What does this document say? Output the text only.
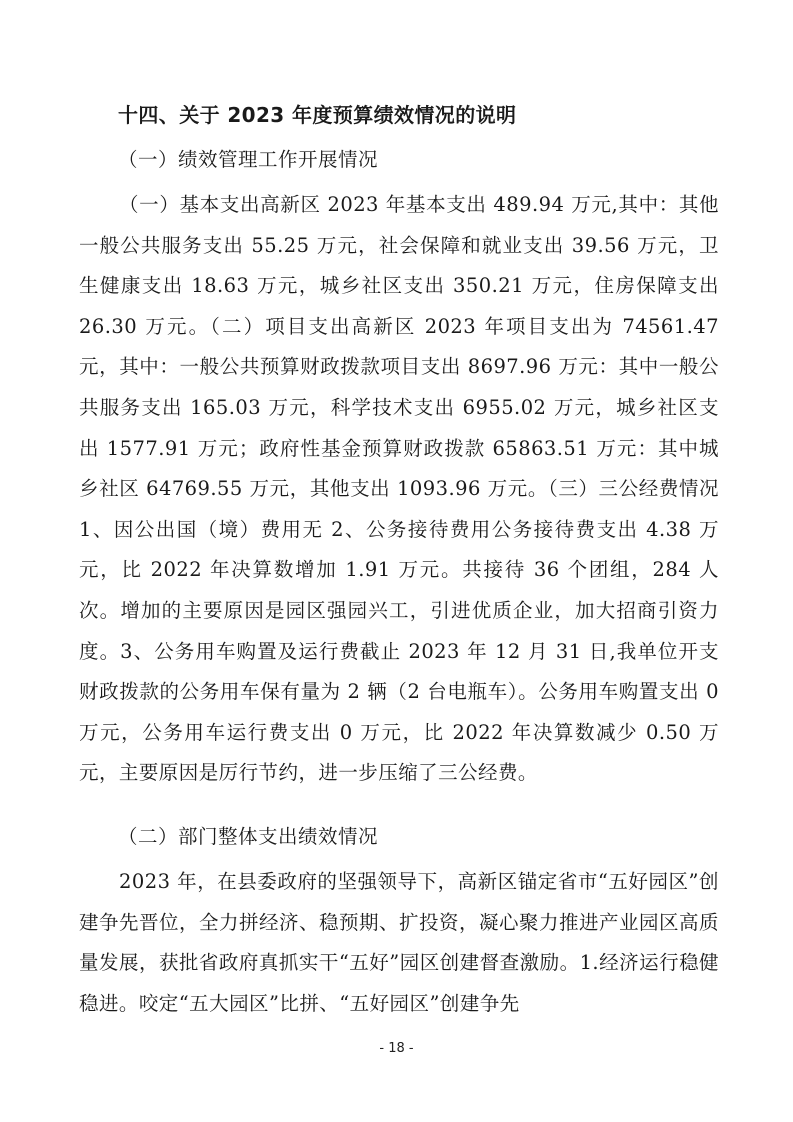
十四、关于 2023 年度预算绩效情况的说明
（一）绩效管理工作开展情况

（一）基本支出高新区 2023 年基本支出 489.94 万元,其中：其他一般公共服务支出 55.25 万元，社会保障和就业支出 39.56 万元，卫生健康支出 18.63 万元，城乡社区支出 350.21 万元，住房保障支出 26.30 万元。（二）项目支出高新区 2023 年项目支出为 74561.47 元，其中：一般公共预算财政拨款项目支出 8697.96 万元：其中一般公共服务支出 165.03 万元，科学技术支出 6955.02 万元，城乡社区支出 1577.91 万元；政府性基金预算财政拨款 65863.51 万元：其中城乡社区 64769.55 万元，其他支出 1093.96 万元。（三）三公经费情况 1、因公出国（境）费用无 2、公务接待费用公务接待费支出 4.38 万元，比 2022 年决算数增加 1.91 万元。共接待 36 个团组，284 人次。增加的主要原因是园区强园兴工，引进优质企业，加大招商引资力度。3、公务用车购置及运行费截止 2023 年 12 月 31 日,我单位开支财政拨款的公务用车保有量为 2 辆（2 台电瓶车）。公务用车购置支出 0 万元，公务用车运行费支出 0 万元，比 2022 年决算数减少 0.50 万元，主要原因是厉行节约，进一步压缩了三公经费。

（二）部门整体支出绩效情况

2023 年，在县委政府的坚强领导下，高新区锚定省市“五好园区”创建争先晋位，全力拼经济、稳预期、扩投资，凝心聚力推进产业园区高质量发展，获批省政府真抓实干“五好”园区创建督查激励。1.经济运行稳健稳进。咬定“五大园区”比拼、“五好园区”创建争先

- 18 -
